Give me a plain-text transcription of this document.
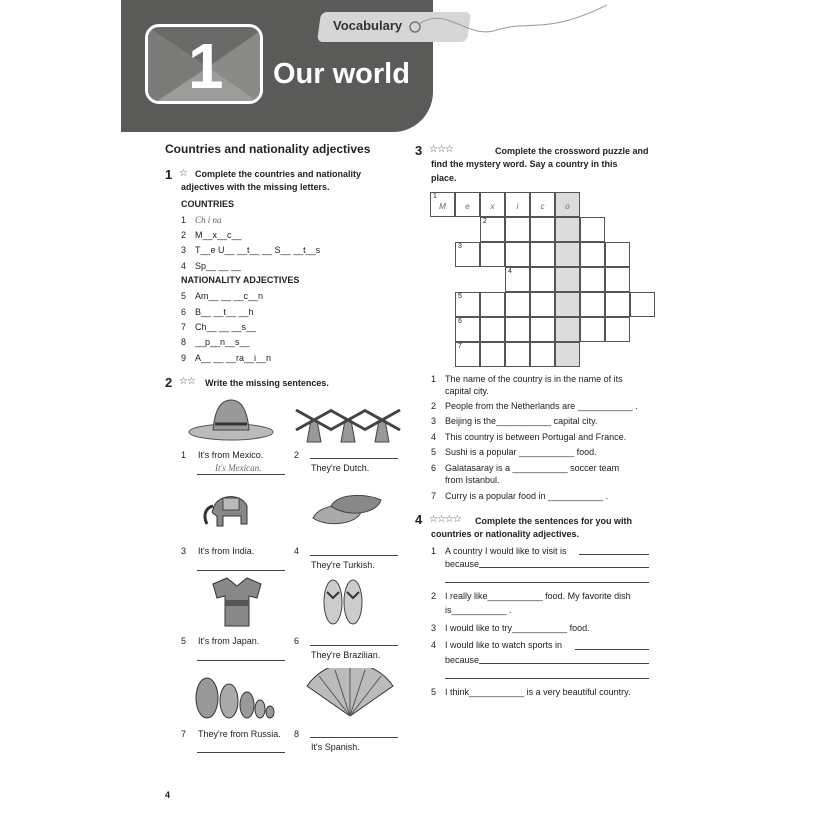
1 Our world
Vocabulary
Countries and nationality adjectives
1 ☆ Complete the countries and nationality
adjectives with the missing letters.
COUNTRIES
1 Ch i na
2 M__x__c__
3 T__e U__ __t__ __ S__ __t__s
4 Sp__ __ __
NATIONALITY ADJECTIVES
5 Am__ __ __c__n
6 B__ __t__ __h
7 Ch__ __ __s__
8 __p__n__s__
9 A__ __ __ra__i__n
2 ☆☆ Write the missing sentences.
1 It's from Mexico.
It's Mexican.
2
They're Dutch.
3 It's from India.	4
They're Turkish.
5 It's from Japan.	6
They're Brazilian.
7 They're from Russia. 8
It's Spanish.
4
3 ☆☆☆	Complete the crossword puzzle and
find the mystery word. Say a country in this
place.
1
M	e	x	i	c	o
2
3
4
5
6
7
1 The name of the country is in the name of its
capital city.
2 People from the Netherlands are ___________ .
3 Beijing is the___________ capital city.
4 This country is between Portugal and France.
5 Sushi is a popular ___________ food.
6 Galatasaray is a ___________ soccer team
from Istanbul.
7 Curry is a popular food in ___________ .
4 ☆☆☆☆ Complete the sentences for you with
countries or nationality adjectives.
1 A country I would like to visit is
because
2 I really like___________ food. My favorite dish
is___________ .
3 I would like to try___________ food.
4 I would like to watch sports in
because
5 I think___________ is a very beautiful country.
